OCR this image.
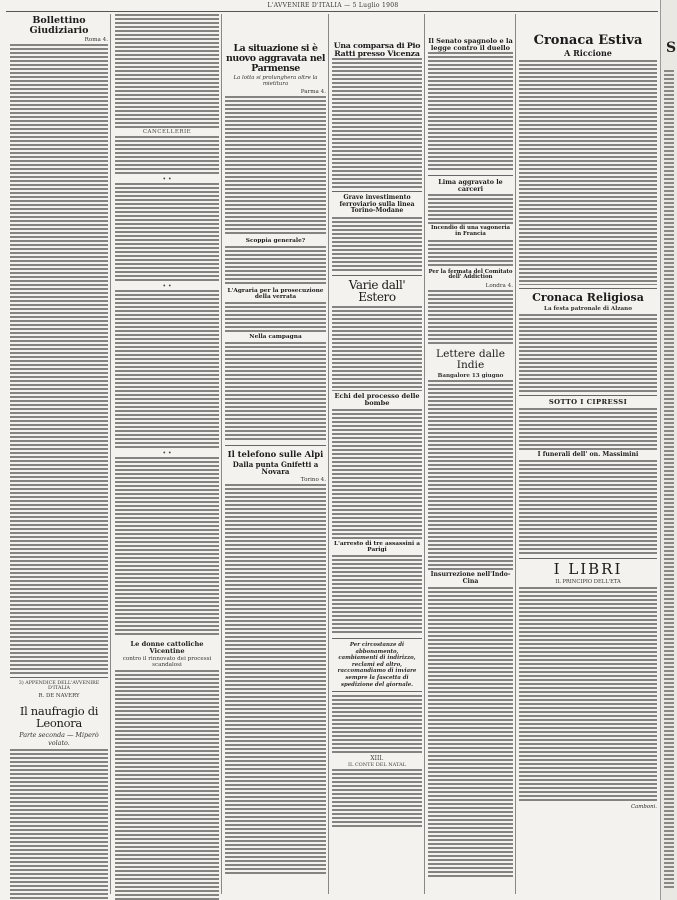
L'AVVENIRE D'ITALIA — 5 Luglio 1908
Bollettino Giudiziario
Roma 4.
3) APPENDICE DELL'AVVENIRE D'ITALIA
R. DE NAVERY
Il naufragio di Leonora
Parte seconda — Miperò volato.
CANCELLERIE
• •
• •
• •
Le donne cattoliche Vicentine
contro il rinnovato dei processi scandalosi
La situazione si è nuovo aggravata nel Parmense
La lotta si prolunghera oltre la mietitura
Parma 4.
Scoppia generale?
L'Agraria per la prosecuzione della verrata
Nella campagna
Il telefono sulle Alpi
Dalla punta Gnifetti a Novara
Torino 4.
Una comparsa di Pio Ratti presso Vicenza
Grave investimento ferroviario sulla linea Torino-Modane
Varie dall' Estero
Echi del processo delle bombe
L'arresto di tre assassini a Parigi
Per circostanze di abbonamento, cambiamenti di indirizzo, reclami ed altro, raccomandiamo di inviare sempre la fascetta di spedizione del giornale.
XIII.
IL CONTE DEL NATAL
Il Senato spagnolo e la legge contro il duello
Lima aggravato le carceri
Incendio di una vagoneria in Francia
Per la fermata del Comitato dell' Addiction
Londra 4.
Lettere dalle Indie
Bangalore 13 giugno
Insurrezione nell'Indo-Cina
Cronaca Estiva
A Riccione
Cronaca Religiosa
La festa patronale di Alzano
SOTTO I CIPRESSI
I funerali dell' on. Massimini
I LIBRI
IL PRINCIPIO DELL'ETA
Camboni.
S
